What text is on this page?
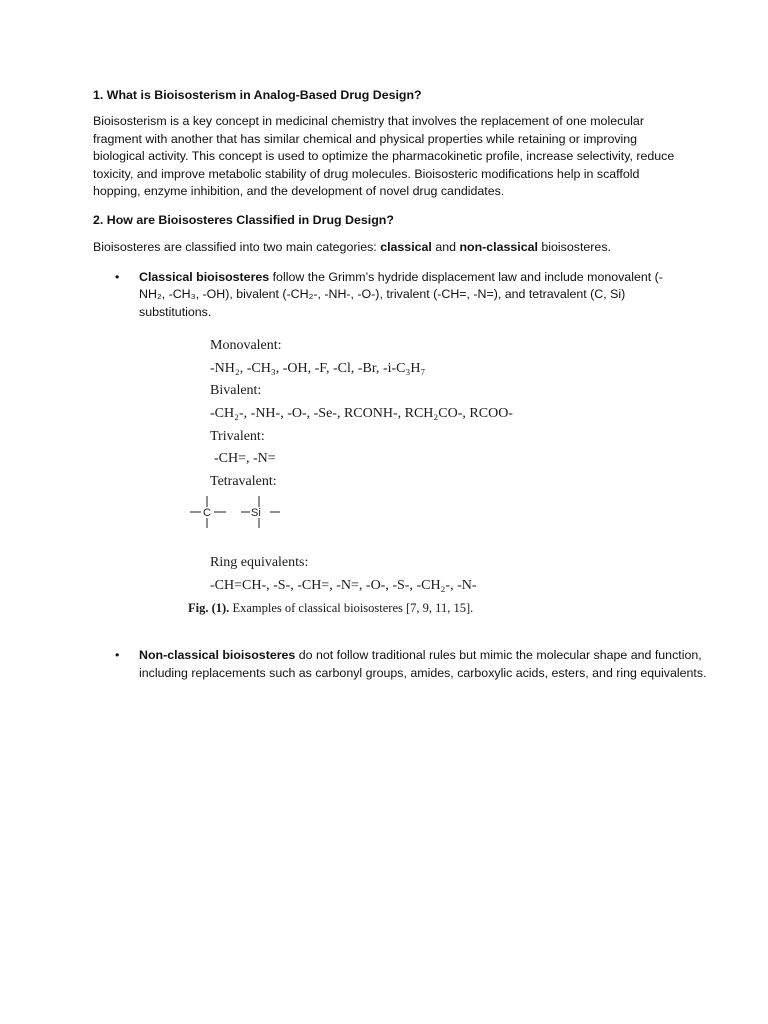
1. What is Bioisosterism in Analog-Based Drug Design?
Bioisosterism is a key concept in medicinal chemistry that involves the replacement of one molecular fragment with another that has similar chemical and physical properties while retaining or improving biological activity. This concept is used to optimize the pharmacokinetic profile, increase selectivity, reduce toxicity, and improve metabolic stability of drug molecules. Bioisosteric modifications help in scaffold hopping, enzyme inhibition, and the development of novel drug candidates.
2. How are Bioisosteres Classified in Drug Design?
Bioisosteres are classified into two main categories: classical and non-classical bioisosteres.
• Classical bioisosteres follow the Grimm’s hydride displacement law and include monovalent (-NH₂, -CH₃, -OH), bivalent (-CH₂-, -NH-, -O-), trivalent (-CH=, -N=), and tetravalent (C, Si) substitutions.
Monovalent:
-NH₂, -CH₃, -OH, -F, -Cl, -Br, -i-C₃H₇
Bivalent:
-CH₂-, -NH-, -O-, -Se-, RCONH-, RCH₂CO-, RCOO-
Trivalent:
-CH=, -N=
Tetravalent:
C	Si
Ring equivalents:
-CH=CH-, -S-, -CH=, -N=, -O-, -S-, -CH₂-, -N-
Fig. (1). Examples of classical bioisosteres [7, 9, 11, 15].
• Non-classical bioisosteres do not follow traditional rules but mimic the molecular shape and function, including replacements such as carbonyl groups, amides, carboxylic acids, esters, and ring equivalents.
